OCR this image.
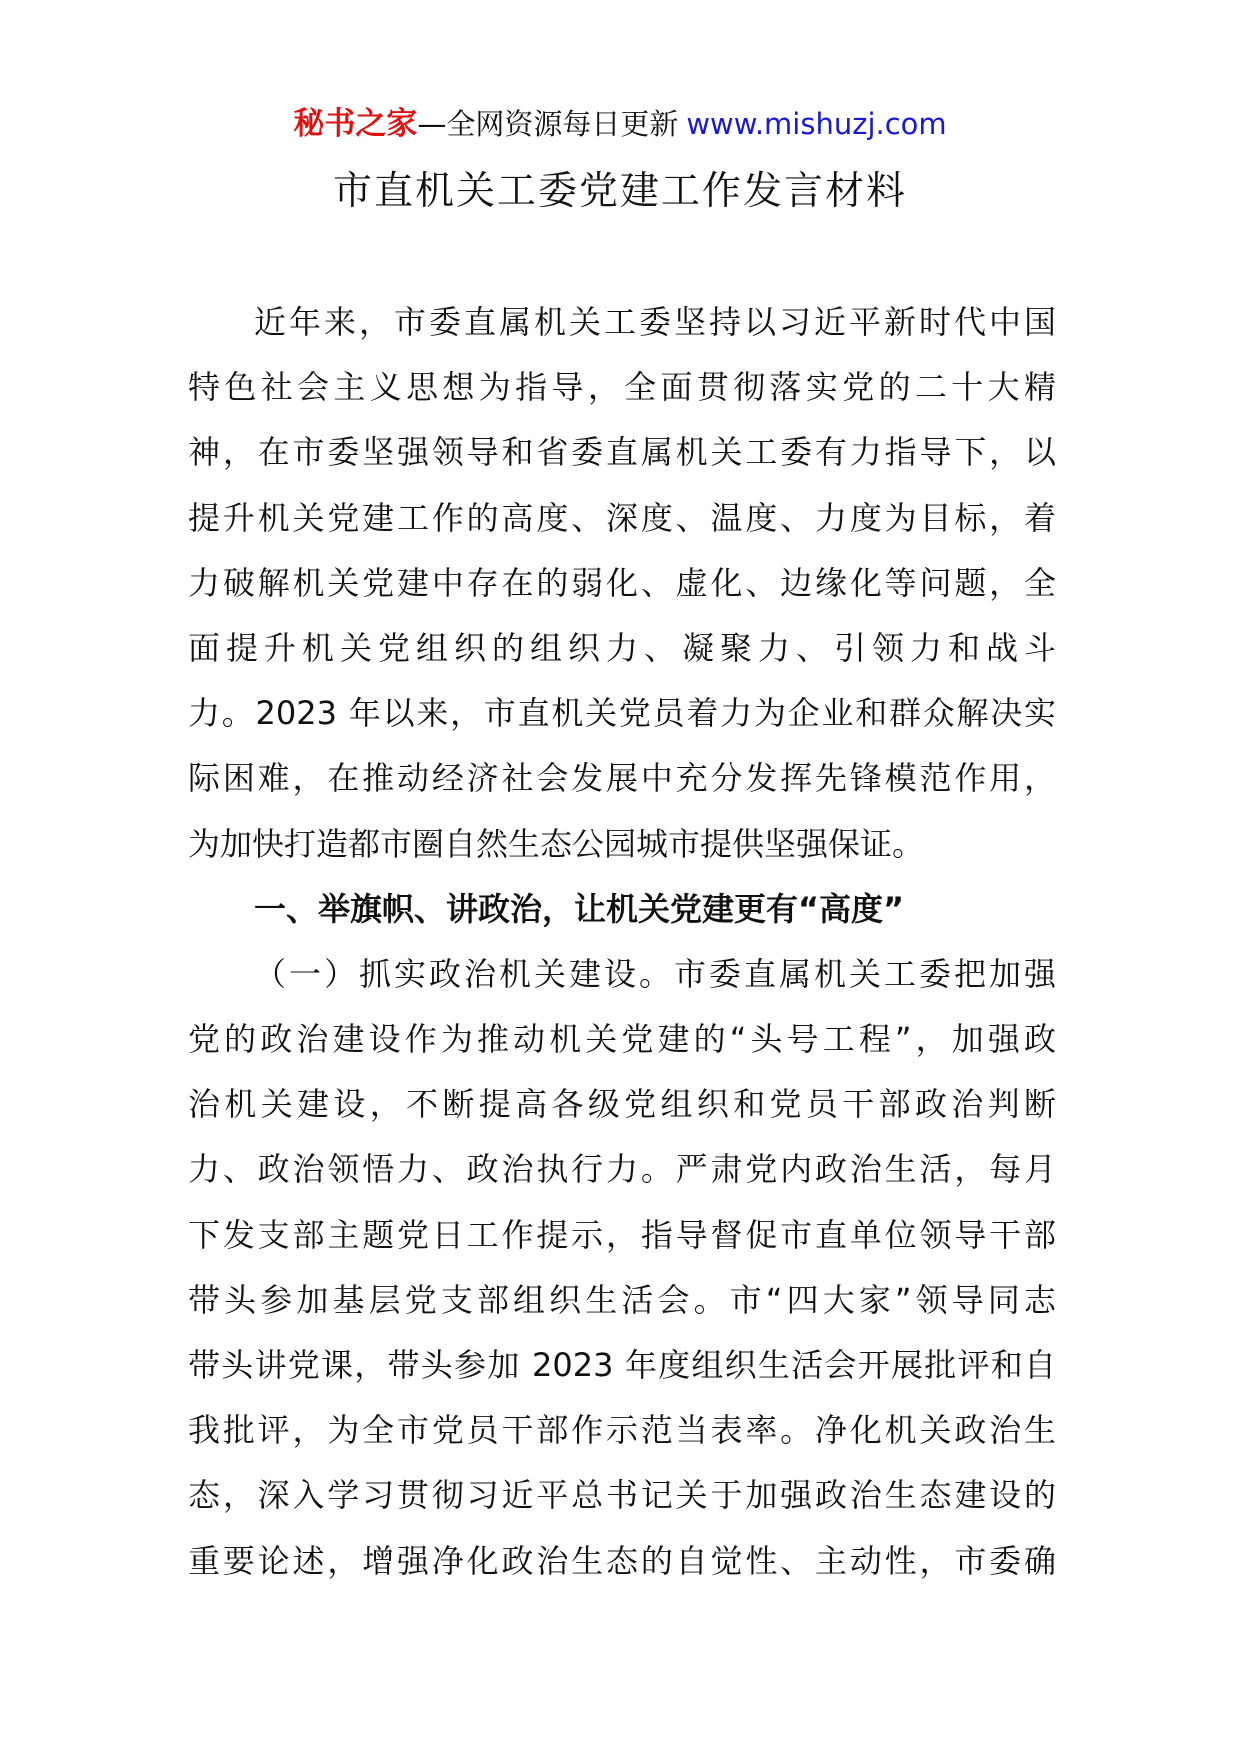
秘书之家—全网资源每日更新 www.mishuzj.com
市直机关工委党建工作发言材料
近年来，市委直属机关工委坚持以习近平新时代中国
特色社会主义思想为指导，全面贯彻落实党的二十大精
神，在市委坚强领导和省委直属机关工委有力指导下，以
提升机关党建工作的高度、深度、温度、力度为目标，着
力破解机关党建中存在的弱化、虚化、边缘化等问题，全
面提升机关党组织的组织力、凝聚力、引领力和战斗
力。2023 年以来，市直机关党员着力为企业和群众解决实
际困难，在推动经济社会发展中充分发挥先锋模范作用，
为加快打造都市圈自然生态公园城市提供坚强保证。
一、举旗帜、讲政治，让机关党建更有“高度”
（一）抓实政治机关建设。市委直属机关工委把加强
党的政治建设作为推动机关党建的“头号工程”，加强政
治机关建设，不断提高各级党组织和党员干部政治判断
力、政治领悟力、政治执行力。严肃党内政治生活，每月
下发支部主题党日工作提示，指导督促市直单位领导干部
带头参加基层党支部组织生活会。市“四大家”领导同志
带头讲党课，带头参加 2023 年度组织生活会开展批评和自
我批评，为全市党员干部作示范当表率。净化机关政治生
态，深入学习贯彻习近平总书记关于加强政治生态建设的
重要论述，增强净化政治生态的自觉性、主动性，市委确
